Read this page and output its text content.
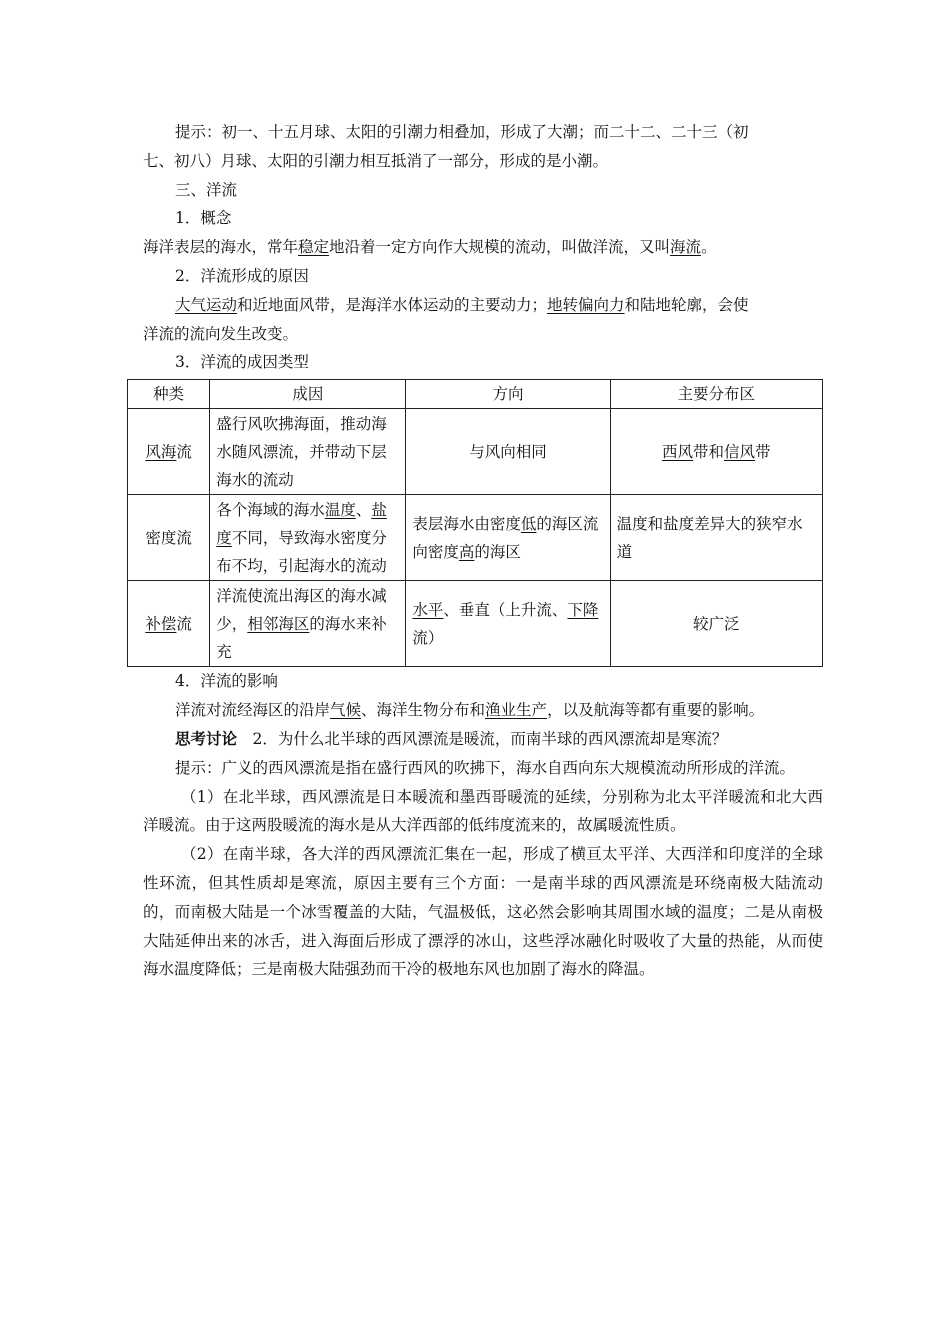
提示：初一、十五月球、太阳的引潮力相叠加，形成了大潮；而二十二、二十三（初
七、初八）月球、太阳的引潮力相互抵消了一部分，形成的是小潮。
三、洋流
1．概念
海洋表层的海水，常年稳定地沿着一定方向作大规模的流动，叫做洋流，又叫海流。
2．洋流形成的原因
大气运动和近地面风带，是海洋水体运动的主要动力；地转偏向力和陆地轮廓，会使
洋流的流向发生改变。
3．洋流的成因类型
种类	成因	方向	主要分布区
风海流	盛行风吹拂海面，推动海水随风漂流，并带动下层海水的流动	与风向相同	西风带和信风带
密度流	各个海域的海水温度、盐度不同，导致海水密度分布不均，引起海水的流动	表层海水由密度低的海区流向密度高的海区	温度和盐度差异大的狭窄水道
补偿流	洋流使流出海区的海水减少，相邻海区的海水来补充	水平、垂直（上升流、下降流）	较广泛
4．洋流的影响
洋流对流经海区的沿岸气候、海洋生物分布和渔业生产，以及航海等都有重要的影响。
思考讨论　2．为什么北半球的西风漂流是暖流，而南半球的西风漂流却是寒流？
提示：广义的西风漂流是指在盛行西风的吹拂下，海水自西向东大规模流动所形成的洋流。
（1）在北半球，西风漂流是日本暖流和墨西哥暖流的延续，分别称为北太平洋暖流和北大西洋暖流。由于这两股暖流的海水是从大洋西部的低纬度流来的，故属暖流性质。
（2）在南半球，各大洋的西风漂流汇集在一起，形成了横亘太平洋、大西洋和印度洋的全球性环流，但其性质却是寒流，原因主要有三个方面：一是南半球的西风漂流是环绕南极大陆流动的，而南极大陆是一个冰雪覆盖的大陆，气温极低，这必然会影响其周围水域的温度；二是从南极大陆延伸出来的冰舌，进入海面后形成了漂浮的冰山，这些浮冰融化时吸收了大量的热能，从而使海水温度降低；三是南极大陆强劲而干冷的极地东风也加剧了海水的降温。
